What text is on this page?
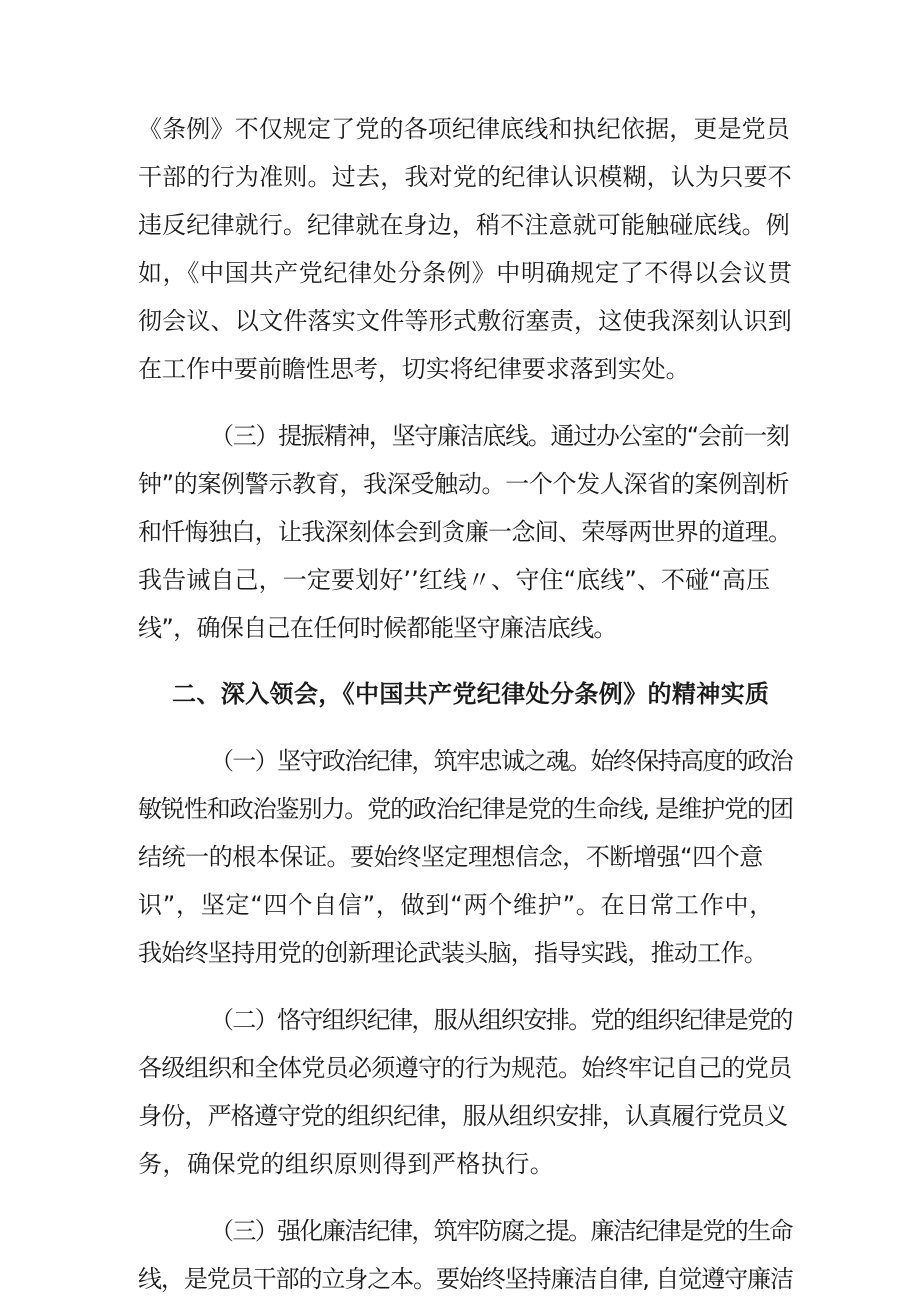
《条例》不仅规定了党的各项纪律底线和执纪依据，更是党员
干部的行为准则。过去，我对党的纪律认识模糊，认为只要不
违反纪律就行。纪律就在身边，稍不注意就可能触碰底线。例
如，《中国共产党纪律处分条例》中明确规定了不得以会议贯
彻会议、以文件落实文件等形式敷衍塞责，这使我深刻认识到
在工作中要前瞻性思考，切实将纪律要求落到实处。
（三）提振精神，坚守廉洁底线。通过办公室的“会前一刻
钟”的案例警示教育，我深受触动。一个个发人深省的案例剖析
和忏悔独白，让我深刻体会到贪廉一念间、荣辱两世界的道理。
我告诫自己，一定要划好’’红线〃、守住“底线”、不碰“高压
线”，确保自己在任何时候都能坚守廉洁底线。
二、深入领会，《中国共产党纪律处分条例》的精神实质
（一）坚守政治纪律，筑牢忠诚之魂。始终保持高度的政治
敏锐性和政治鉴别力。党的政治纪律是党的生命线, 是维护党的团
结统一的根本保证。要始终坚定理想信念，不断增强“四个意
识”，坚定“四个自信”，做到“两个维护”。在日常工作中，
我始终坚持用党的创新理论武装头脑，指导实践，推动工作。
（二）恪守组织纪律，服从组织安排。党的组织纪律是党的
各级组织和全体党员必须遵守的行为规范。始终牢记自己的党员
身份，严格遵守党的组织纪律，服从组织安排，认真履行党员义
务，确保党的组织原则得到严格执行。
（三）强化廉洁纪律，筑牢防腐之提。廉洁纪律是党的生命
线，是党员干部的立身之本。要始终坚持廉洁自律, 自觉遵守廉洁
